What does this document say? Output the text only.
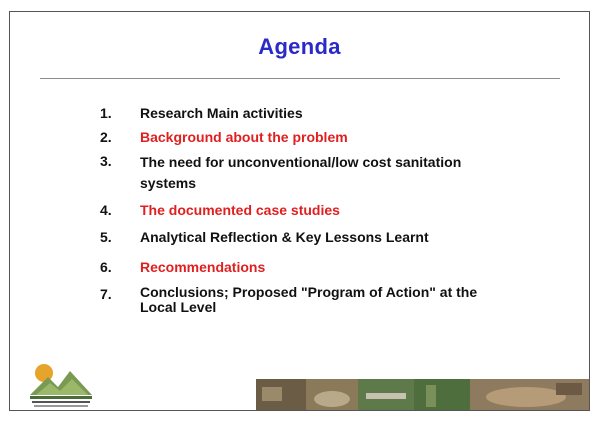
Agenda
1.	Research Main activities
2.	Background about the problem
3.	The need for unconventional/low cost sanitation systems
4.	The documented case studies
5.	Analytical Reflection & Key Lessons Learnt
6.	Recommendations
7.	Conclusions; Proposed "Program of Action" at the Local Level
